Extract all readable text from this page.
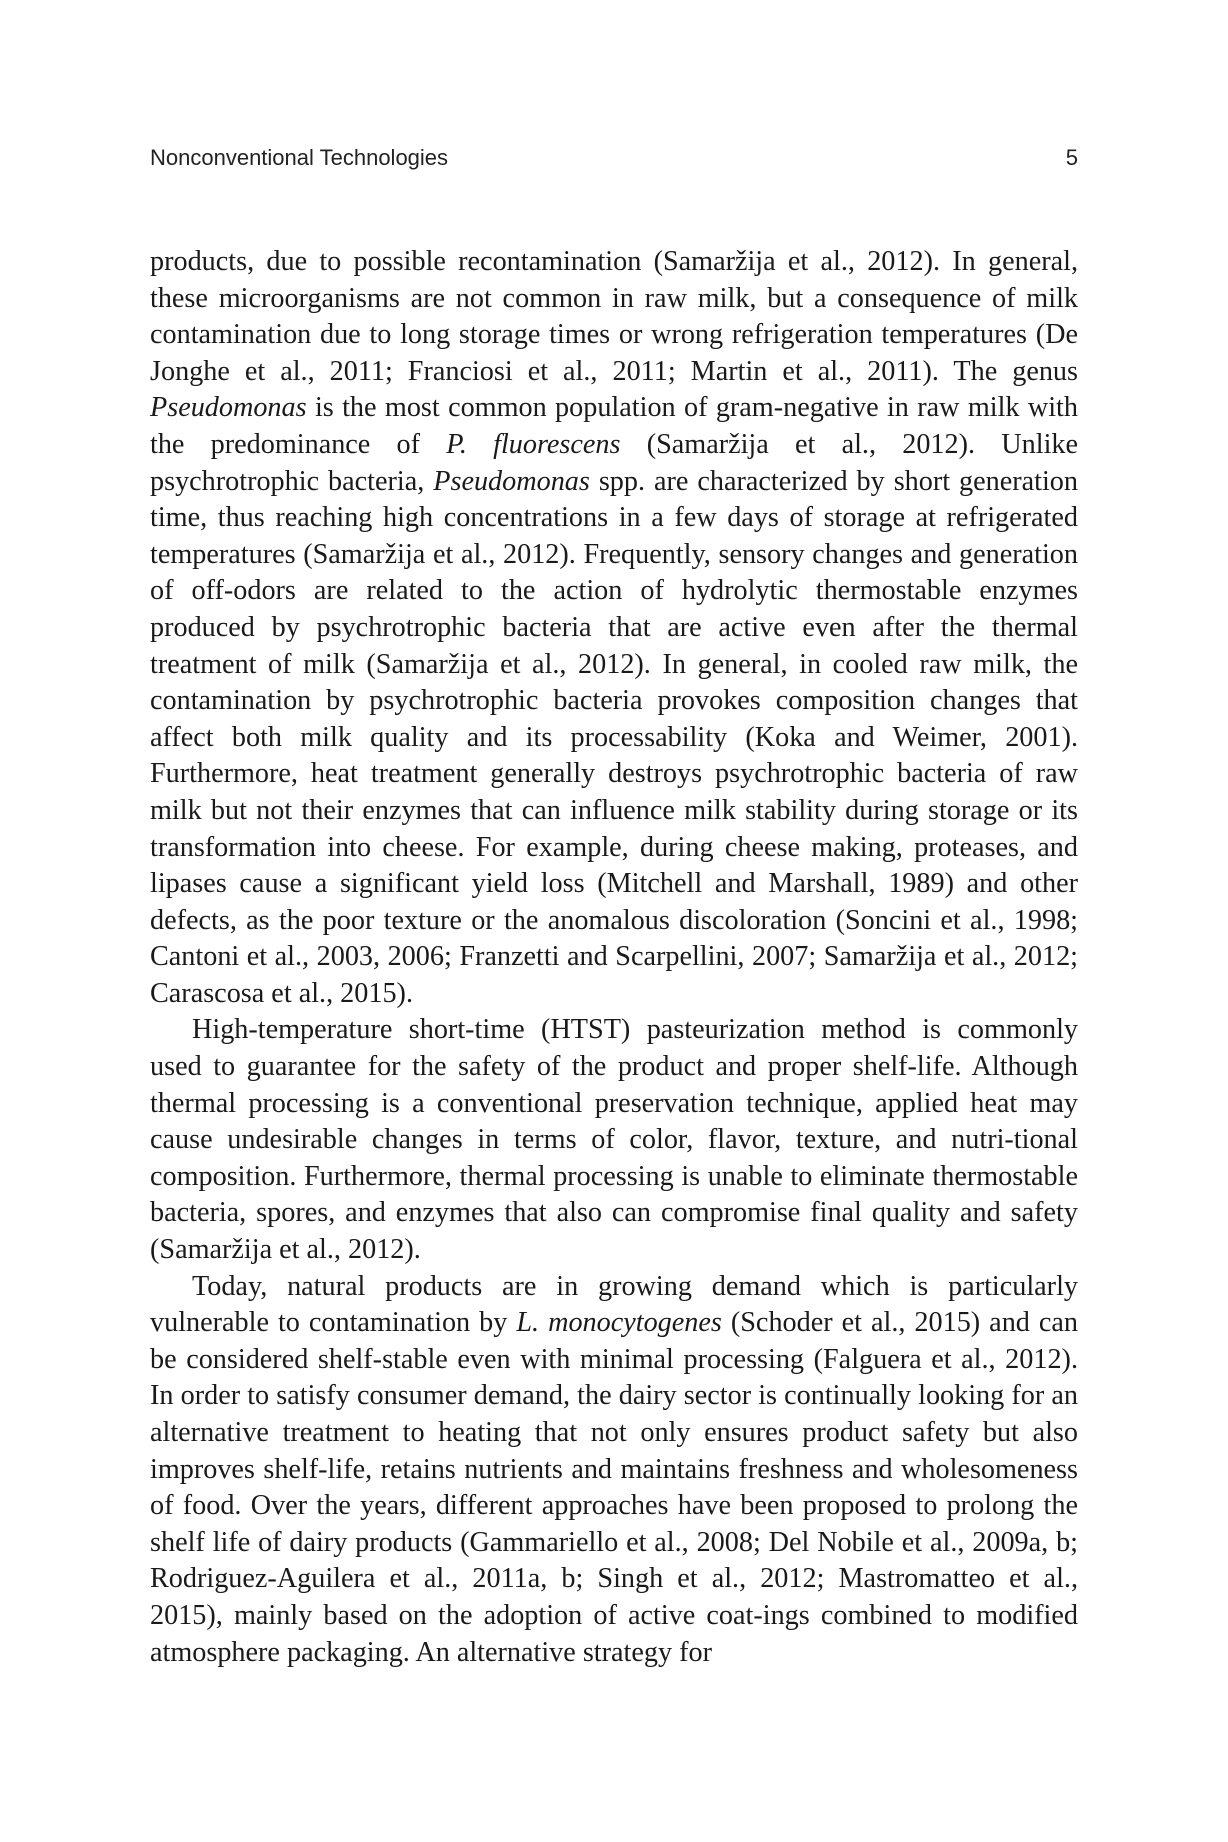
Nonconventional Technologies	5

products, due to possible recontamination (Samaržija et al., 2012). In general, these microorganisms are not common in raw milk, but a consequence of milk contamination due to long storage times or wrong refrigeration temperatures (De Jonghe et al., 2011; Franciosi et al., 2011; Martin et al., 2011). The genus Pseudomonas is the most common population of gram-negative in raw milk with the predominance of P. fluorescens (Samaržija et al., 2012). Unlike psychrotrophic bacteria, Pseudomonas spp. are characterized by short generation time, thus reaching high concentrations in a few days of storage at refrigerated temperatures (Samaržija et al., 2012). Frequently, sensory changes and generation of off-odors are related to the action of hydrolytic thermostable enzymes produced by psychrotrophic bacteria that are active even after the thermal treatment of milk (Samaržija et al., 2012). In general, in cooled raw milk, the contamination by psychrotrophic bacteria provokes composition changes that affect both milk quality and its processability (Koka and Weimer, 2001). Furthermore, heat treatment generally destroys psychrotrophic bacteria of raw milk but not their enzymes that can influence milk stability during storage or its transformation into cheese. For example, during cheese making, proteases, and lipases cause a significant yield loss (Mitchell and Marshall, 1989) and other defects, as the poor texture or the anomalous discoloration (Soncini et al., 1998; Cantoni et al., 2003, 2006; Franzetti and Scarpellini, 2007; Samaržija et al., 2012; Carascosa et al., 2015).

High-temperature short-time (HTST) pasteurization method is commonly used to guarantee for the safety of the product and proper shelf-life. Although thermal processing is a conventional preservation technique, applied heat may cause undesirable changes in terms of color, flavor, texture, and nutri-tional composition. Furthermore, thermal processing is unable to eliminate thermostable bacteria, spores, and enzymes that also can compromise final quality and safety (Samaržija et al., 2012).

Today, natural products are in growing demand which is particularly vulnerable to contamination by L. monocytogenes (Schoder et al., 2015) and can be considered shelf-stable even with minimal processing (Falguera et al., 2012). In order to satisfy consumer demand, the dairy sector is continually looking for an alternative treatment to heating that not only ensures product safety but also improves shelf-life, retains nutrients and maintains freshness and wholesomeness of food. Over the years, different approaches have been proposed to prolong the shelf life of dairy products (Gammariello et al., 2008; Del Nobile et al., 2009a, b; Rodriguez-Aguilera et al., 2011a, b; Singh et al., 2012; Mastromatteo et al., 2015), mainly based on the adoption of active coat-ings combined to modified atmosphere packaging. An alternative strategy for
